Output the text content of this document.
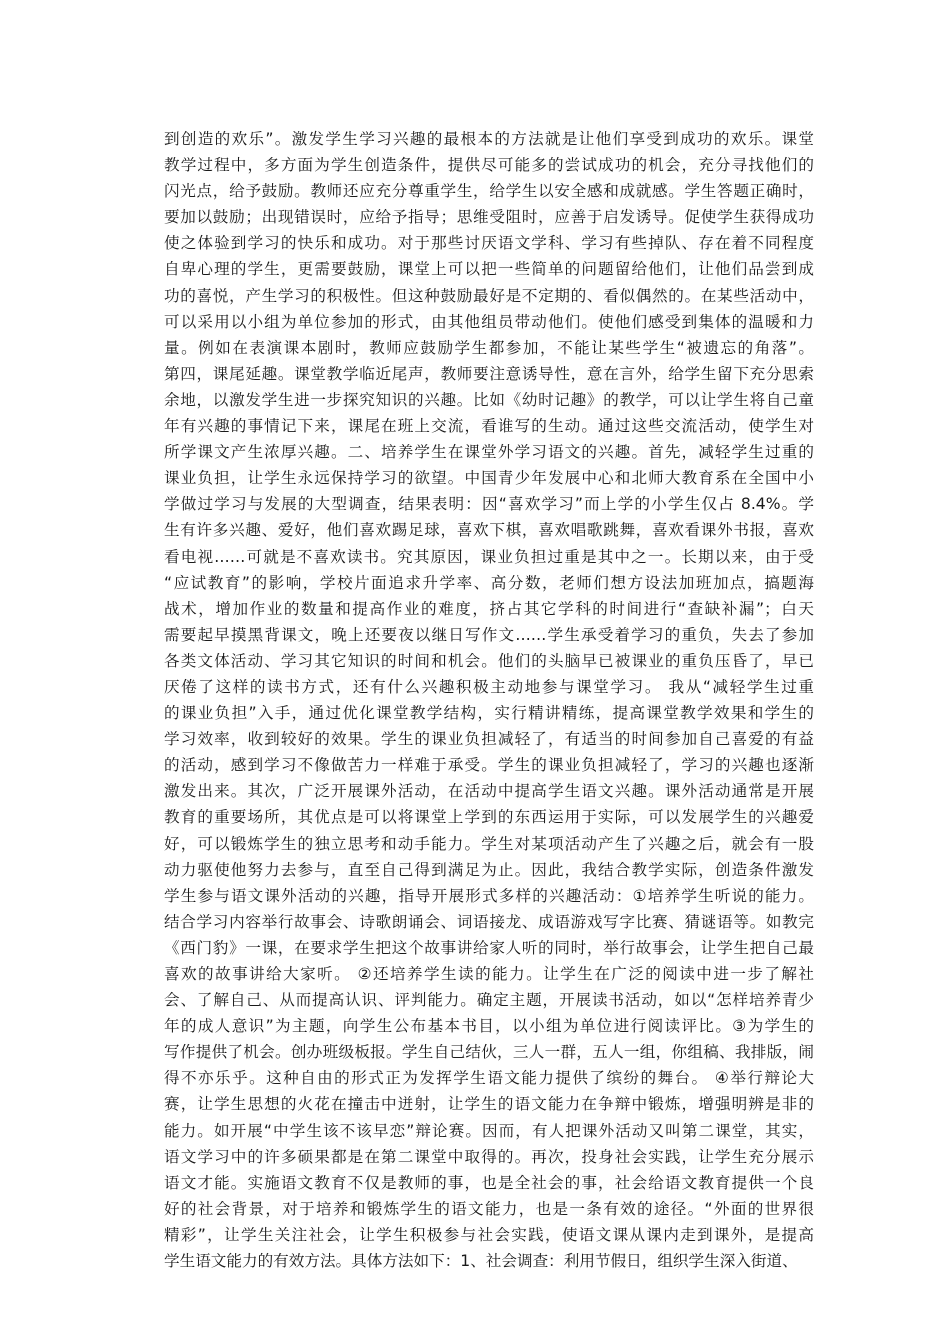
到创造的欢乐”。激发学生学习兴趣的最根本的方法就是让他们享受到成功的欢乐。课堂
教学过程中，多方面为学生创造条件，提供尽可能多的尝试成功的机会，充分寻找他们的
闪光点，给予鼓励。教师还应充分尊重学生，给学生以安全感和成就感。学生答题正确时，
要加以鼓励；出现错误时，应给予指导；思维受阻时，应善于启发诱导。促使学生获得成功
使之体验到学习的快乐和成功。对于那些讨厌语文学科、学习有些掉队、存在着不同程度
自卑心理的学生，更需要鼓励，课堂上可以把一些简单的问题留给他们，让他们品尝到成
功的喜悦，产生学习的积极性。但这种鼓励最好是不定期的、看似偶然的。在某些活动中，
可以采用以小组为单位参加的形式，由其他组员带动他们。使他们感受到集体的温暖和力
量。例如在表演课本剧时，教师应鼓励学生都参加，不能让某些学生“被遗忘的角落”。
第四，课尾延趣。课堂教学临近尾声，教师要注意诱导性，意在言外，给学生留下充分思索
余地，以激发学生进一步探究知识的兴趣。比如《幼时记趣》的教学，可以让学生将自己童
年有兴趣的事情记下来，课尾在班上交流，看谁写的生动。通过这些交流活动，使学生对
所学课文产生浓厚兴趣。二、培养学生在课堂外学习语文的兴趣。首先，减轻学生过重的
课业负担，让学生永远保持学习的欲望。中国青少年发展中心和北师大教育系在全国中小
学做过学习与发展的大型调查，结果表明：因“喜欢学习”而上学的小学生仅占 8.4%。学
生有许多兴趣、爱好，他们喜欢踢足球，喜欢下棋，喜欢唱歌跳舞，喜欢看课外书报，喜欢
看电视……可就是不喜欢读书。究其原因，课业负担过重是其中之一。长期以来，由于受
“应试教育”的影响，学校片面追求升学率、高分数，老师们想方设法加班加点，搞题海
战术，增加作业的数量和提高作业的难度，挤占其它学科的时间进行“查缺补漏”；白天
需要起早摸黑背课文，晚上还要夜以继日写作文……学生承受着学习的重负，失去了参加
各类文体活动、学习其它知识的时间和机会。他们的头脑早已被课业的重负压昏了，早已
厌倦了这样的读书方式，还有什么兴趣积极主动地参与课堂学习。 我从“减轻学生过重
的课业负担”入手，通过优化课堂教学结构，实行精讲精练，提高课堂教学效果和学生的
学习效率，收到较好的效果。学生的课业负担减轻了，有适当的时间参加自己喜爱的有益
的活动，感到学习不像做苦力一样难于承受。学生的课业负担减轻了，学习的兴趣也逐渐
激发出来。其次，广泛开展课外活动，在活动中提高学生语文兴趣。课外活动通常是开展
教育的重要场所，其优点是可以将课堂上学到的东西运用于实际，可以发展学生的兴趣爱
好，可以锻炼学生的独立思考和动手能力。学生对某项活动产生了兴趣之后，就会有一股
动力驱使他努力去参与，直至自己得到满足为止。因此，我结合教学实际，创造条件激发
学生参与语文课外活动的兴趣，指导开展形式多样的兴趣活动：①培养学生听说的能力。
结合学习内容举行故事会、诗歌朗诵会、词语接龙、成语游戏写字比赛、猜谜语等。如教完
《西门豹》一课，在要求学生把这个故事讲给家人听的同时，举行故事会，让学生把自己最
喜欢的故事讲给大家听。 ②还培养学生读的能力。让学生在广泛的阅读中进一步了解社
会、了解自己、从而提高认识、评判能力。确定主题，开展读书活动，如以“怎样培养青少
年的成人意识”为主题，向学生公布基本书目，以小组为单位进行阅读评比。③为学生的
写作提供了机会。创办班级板报。学生自己结伙，三人一群，五人一组，你组稿、我排版，闹
得不亦乐乎。这种自由的形式正为发挥学生语文能力提供了缤纷的舞台。 ④举行辩论大
赛，让学生思想的火花在撞击中迸射，让学生的语文能力在争辩中锻炼，增强明辨是非的
能力。如开展“中学生该不该早恋”辩论赛。因而，有人把课外活动又叫第二课堂，其实，
语文学习中的许多硕果都是在第二课堂中取得的。再次，投身社会实践，让学生充分展示
语文才能。实施语文教育不仅是教师的事，也是全社会的事，社会给语文教育提供一个良
好的社会背景，对于培养和锻炼学生的语文能力，也是一条有效的途径。“外面的世界很
精彩”，让学生关注社会，让学生积极参与社会实践，使语文课从课内走到课外，是提高
学生语文能力的有效方法。具体方法如下：1、社会调查：利用节假日，组织学生深入街道、
